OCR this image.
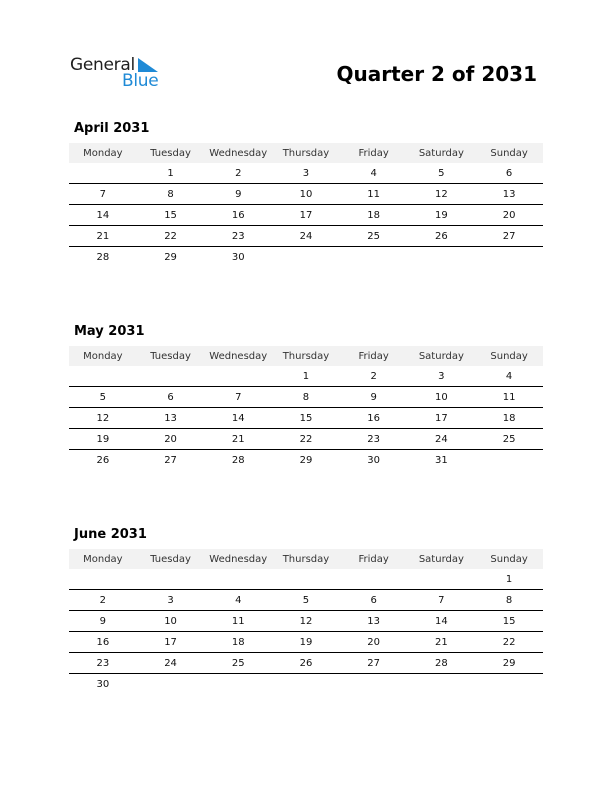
General
Blue	Quarter 2 of 2031
April 2031
Monday	Tuesday	Wednesday	Thursday	Friday	Saturday	Sunday
	1	2	3	4	5	6
7	8	9	10	11	12	13
14	15	16	17	18	19	20
21	22	23	24	25	26	27
28	29	30				
May 2031
Monday	Tuesday	Wednesday	Thursday	Friday	Saturday	Sunday
			1	2	3	4
5	6	7	8	9	10	11
12	13	14	15	16	17	18
19	20	21	22	23	24	25
26	27	28	29	30	31	
June 2031
Monday	Tuesday	Wednesday	Thursday	Friday	Saturday	Sunday
						1
2	3	4	5	6	7	8
9	10	11	12	13	14	15
16	17	18	19	20	21	22
23	24	25	26	27	28	29
30						
